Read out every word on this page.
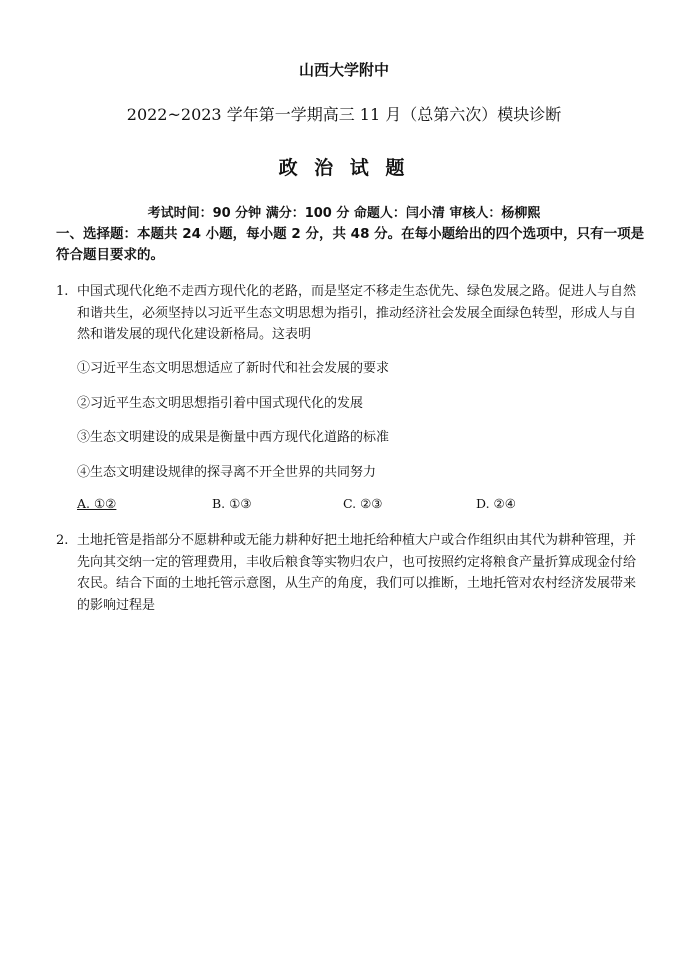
山西大学附中
2022~2023 学年第一学期高三 11 月（总第六次）模块诊断
政 治 试 题
考试时间：90 分钟 满分：100 分 命题人：闫小清 审核人：杨柳熙
一、选择题：本题共 24 小题，每小题 2 分，共 48 分。在每小题给出的四个选项中，只有一项是符合题目要求的。
1. 中国式现代化绝不走西方现代化的老路，而是坚定不移走生态优先、绿色发展之路。促进人与自然和谐共生，必须坚持以习近平生态文明思想为指引，推动经济社会发展全面绿色转型，形成人与自然和谐发展的现代化建设新格局。这表明
①习近平生态文明思想适应了新时代和社会发展的要求
②习近平生态文明思想指引着中国式现代化的发展
③生态文明建设的成果是衡量中西方现代化道路的标准
④生态文明建设规律的探寻离不开全世界的共同努力
A. ①②	B. ①③	C. ②③	D. ②④
2. 土地托管是指部分不愿耕种或无能力耕种好把土地托给种植大户或合作组织由其代为耕种管理，并先向其交纳一定的管理费用，丰收后粮食等实物归农户，也可按照约定将粮食产量折算成现金付给农民。结合下面的土地托管示意图，从生产的角度，我们可以推断，土地托管对农村经济发展带来的影响过程是
